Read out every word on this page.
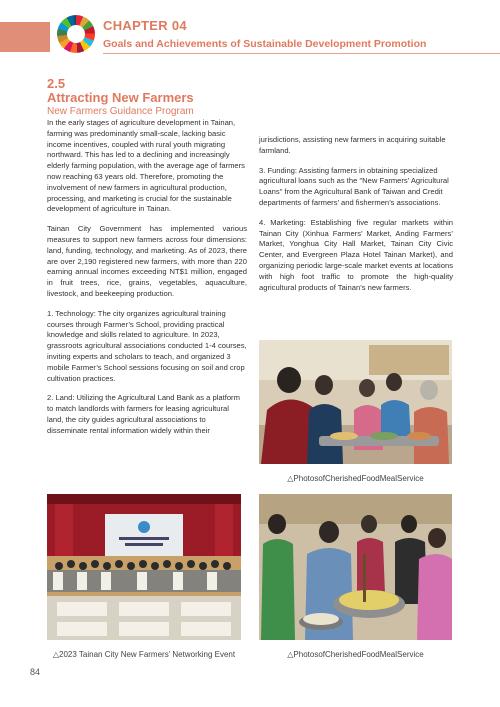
CHAPTER 04
Goals and Achievements of Sustainable Development Promotion
2.5
Attracting New Farmers
New Farmers Guidance Program

In the early stages of agriculture development in Tainan, farming was predominantly small-scale, lacking basic income incentives, coupled with rural youth migrating northward. This has led to a declining and increasingly elderly farming population, with the average age of farmers now reaching 63 years old. Therefore, promoting the involvement of new farmers in agricultural production, processing, and marketing is crucial for the sustainable development of agriculture in Tainan.

Tainan City Government has implemented various measures to support new farmers across four dimensions: land, funding, technology, and marketing. As of 2023, there are over 2,190 registered new farmers, with more than 220 earning annual incomes exceeding NT$1 million, engaged in fruit trees, rice, grains, vegetables, aquaculture, livestock, and beekeeping production.

1. Technology: The city organizes agricultural training courses through Farmer’s School, providing practical knowledge and skills related to agriculture. In 2023, grassroots agricultural associations conducted 1-4 courses, inviting experts and scholars to teach, and organized 3 mobile Farmer’s School sessions focusing on soil and crop cultivation practices.

2. Land: Utilizing the Agricultural Land Bank as a platform to match landlords with farmers for leasing agricultural land, the city guides agricultural associations to disseminate rental information widely within their

jurisdictions, assisting new farmers in acquiring suitable farmland.

3. Funding: Assisting farmers in obtaining specialized agricultural loans such as the "New Farmers’ Agricultural Loans" from the Agricultural Bank of Taiwan and Credit departments of farmers’ and fishermen’s associations.

4. Marketing: Establishing five regular markets within Tainan City (Xinhua Farmers’ Market, Anding Farmers’ Market, Yonghua City Hall Market, Tainan City Civic Center, and Evergreen Plaza Hotel Tainan Market), and organizing periodic large-scale market events at locations with high foot traffic to promote the high-quality agricultural products of Tainan’s new farmers.

△PhotosofCherishedFoodMealService
△2023 Tainan City New Farmers’ Networking Event	△PhotosofCherishedFoodMealService
84
